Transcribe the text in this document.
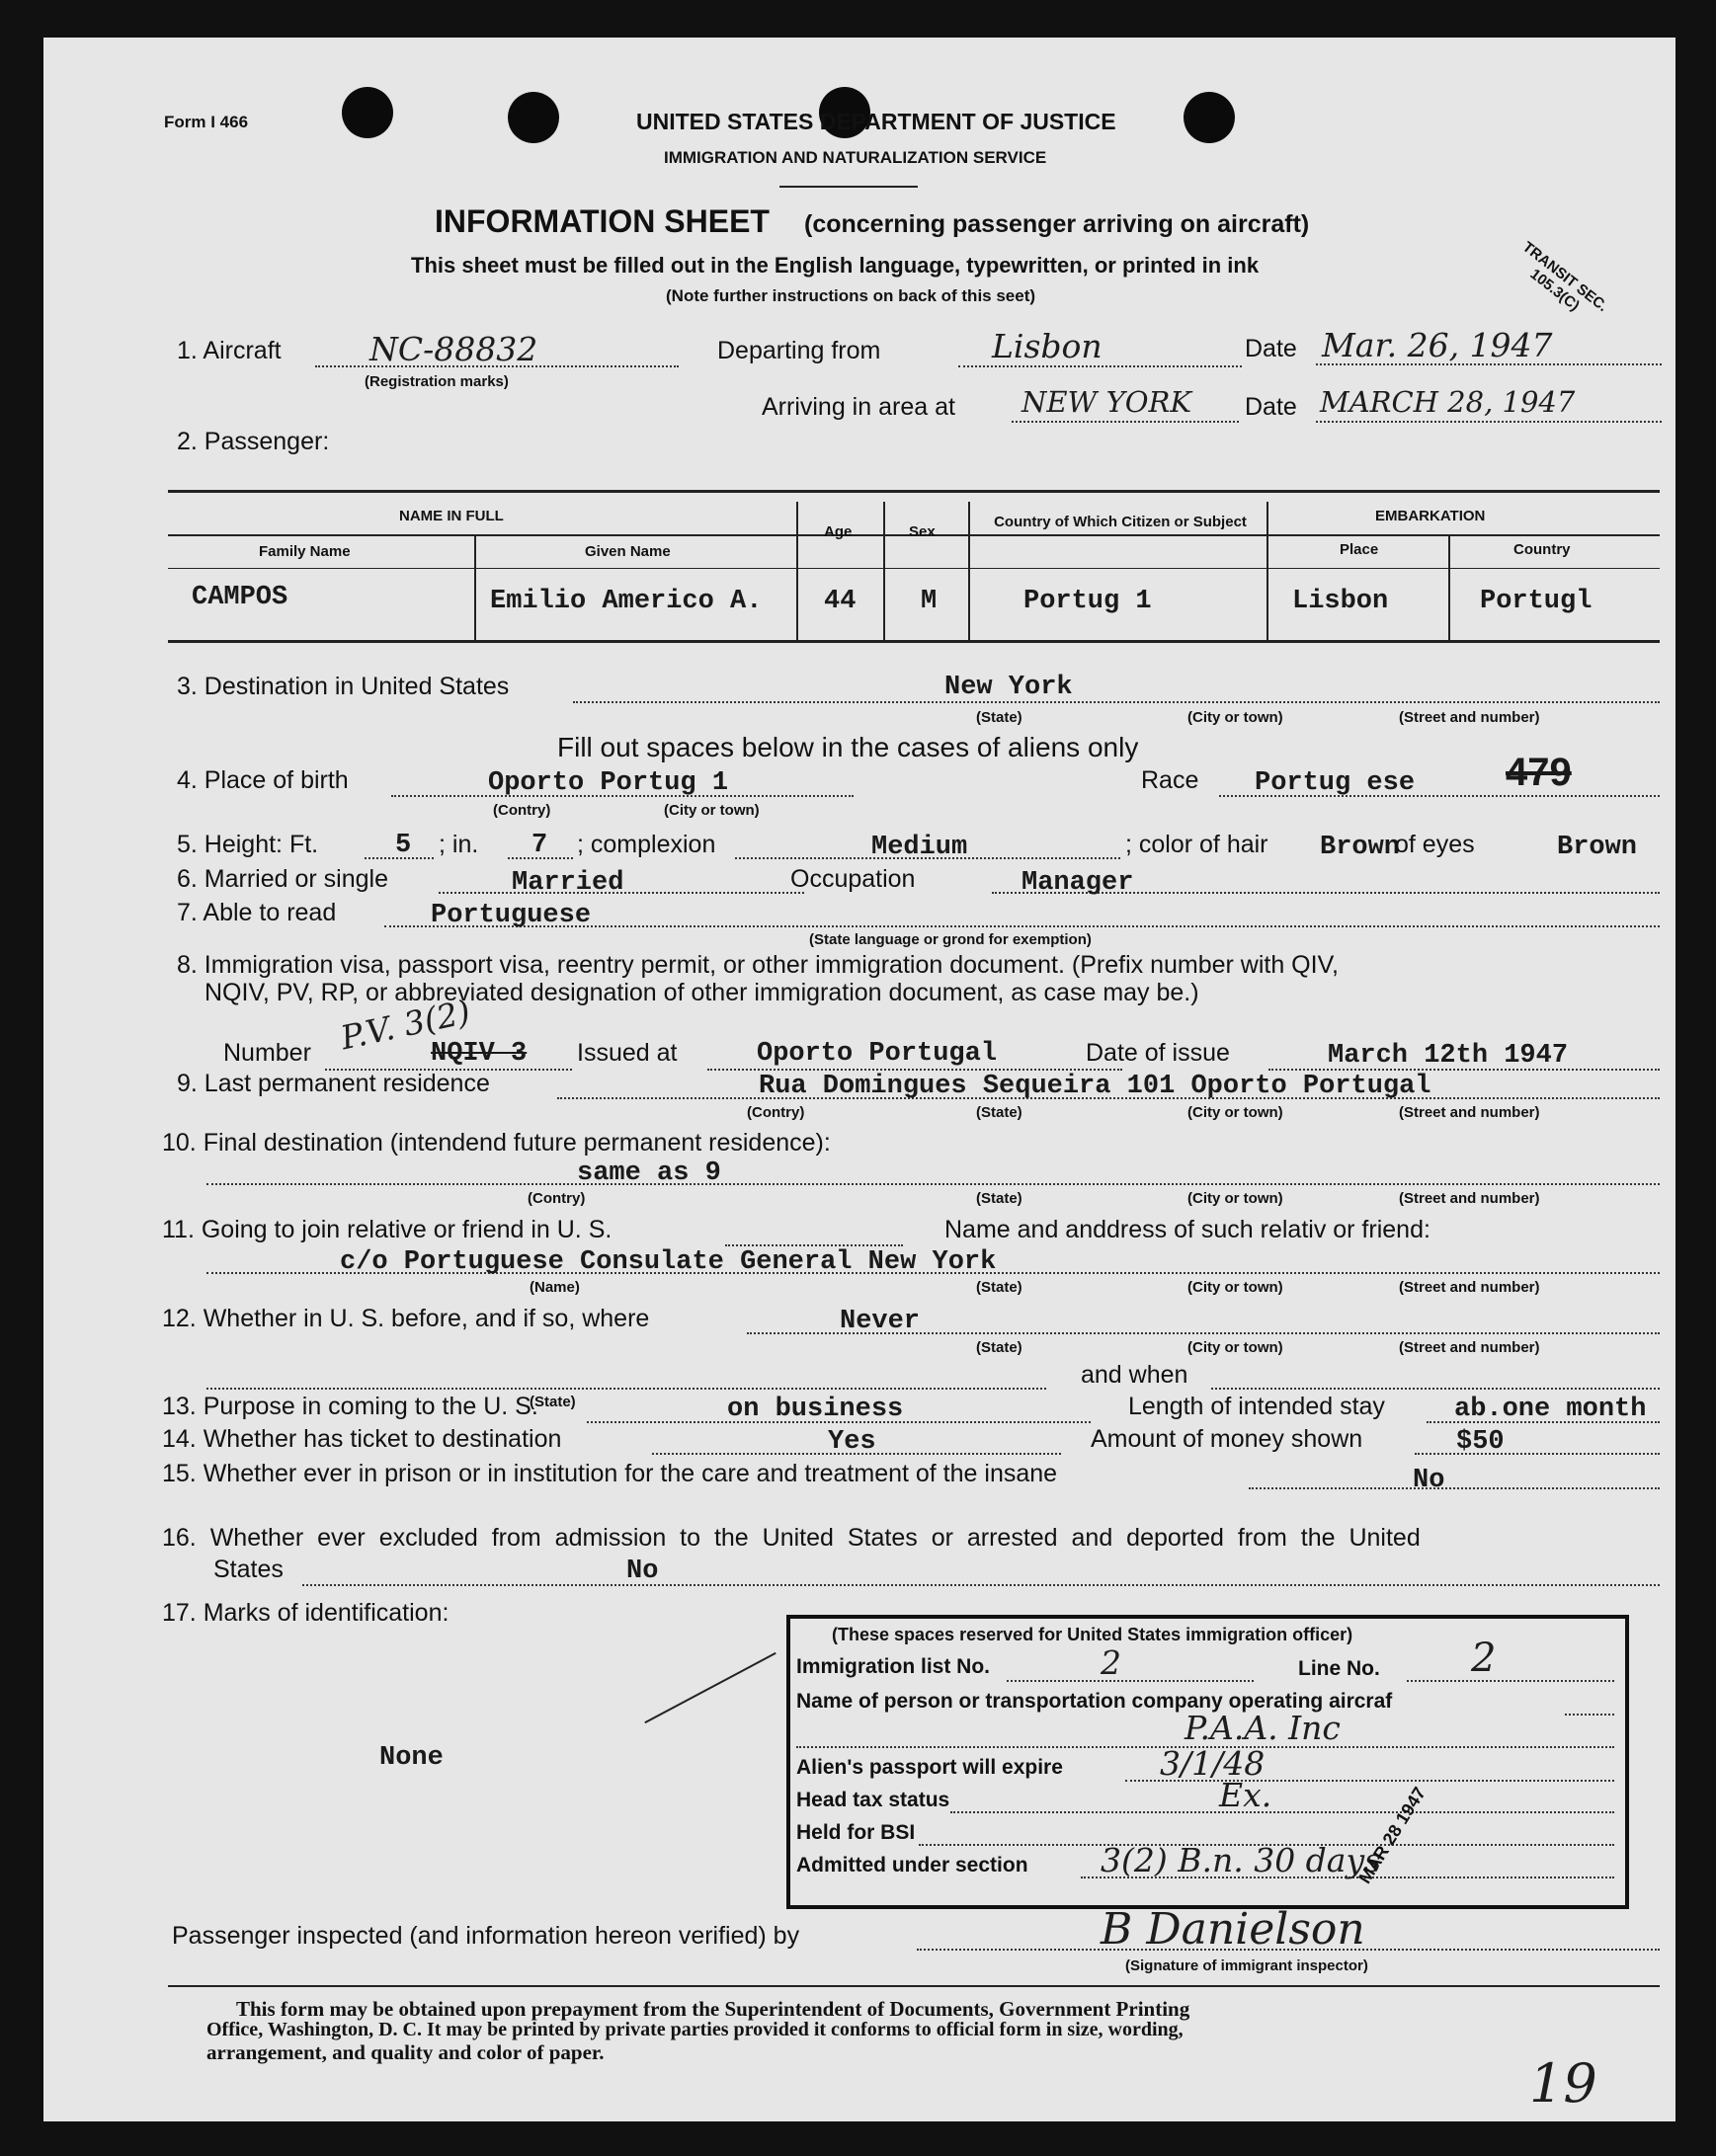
Form I 466	UNITED STATES DEPARTMENT OF JUSTICE
IMMIGRATION AND NATURALIZATION SERVICE
INFORMATION SHEET (concerning passenger arriving on aircraft)
This sheet must be filled out in the English language, typewritten, or printed in ink
(Note further instructions on back of this seet)	TRANSIT SEC. 105.3(C)
1. Aircraft	NC-88832
(Registration marks)
Departing from	Lisbon	Date Mar. 26, 1947
Arriving in area at NEW YORK Date MARCH 28, 1947
2. Passenger:
NAME IN FULL
Family Name	Given Name
Age	Sex
Country of Which Citizen or Subject	EMBARKATION
Place	Country
CAMPOS	Emilio Americo A. 44 M	Portug 1	Lisbon	Portugl
3. Destination in United States	New York
(State)	(City or town)	(Street and number)
Fill out spaces below in the cases of aliens only
4. Place of birth	Oporto Portug 1
(Contry)	(City or town)
Race Portug ese 479
5. Height: Ft.	5 ; in. 7 ; complexion	Medium	; color of hair Brown
of eyes	Brown
6. Married or single	Married	Occupation	Manager
7. Able to read	Portuguese
(State language or grond for exemption)
8. Immigration visa, passport visa, reentry permit, or other immigration document. (Prefix number with QIV,
NQIV, PV, RP, or abbreviated designation of other immigration document, as case may be.)
Number	NQIV 3
P.V. 3(2)	Issued at	Oporto Portugal	Date of issue	March 12th 1947
9. Last permanent residence	Rua Domingues Sequeira 101 Oporto Portugal
(Contry)	(State)	(City or town)	(Street and number)
10. Final destination (intendend future permanent residence):
same as 9
(Contry)	(State)	(City or town)	(Street and number)
11. Going to join relative or friend in U. S.	Name and anddress of such relativ or friend:
c/o Portuguese Consulate General New York
(Name)	(State)	(City or town)	(Street and number)
12. Whether in U. S. before, and if so, where	Never
(State)	(City or town)	(Street and number)
(State)
and when
13. Purpose in coming to the U. S.	on business	Length of intended stay	ab.one month
14. Whether has ticket to destination	Yes	Amount of money shown	$50
15. Whether ever in prison or in institution for the care and treatment of the insane	No
16. Whether ever excluded from admission to the United States or arrested and deported from the United
States	No
17. Marks of identification:
None
(These spaces reserved for United States immigration officer)
Immigration list No.	2	Line No. 2
Name of person or transportation company operating aircraf
P.A.A. Inc
Alien's passport will expire	3/1/48
Head tax status	Ex.
Held for BSI
Admitted under section 3(2) B.n. 30 days
MAR 28 1947
Passenger inspected (and information hereon verified) by	B Danielson
(Signature of immigrant inspector)
This form may be obtained upon prepayment from the Superintendent of Documents, Government Printing
Office, Washington, D. C. It may be printed by private parties provided it conforms to official form in size, wording,
arrangement, and quality and color of paper.	19
